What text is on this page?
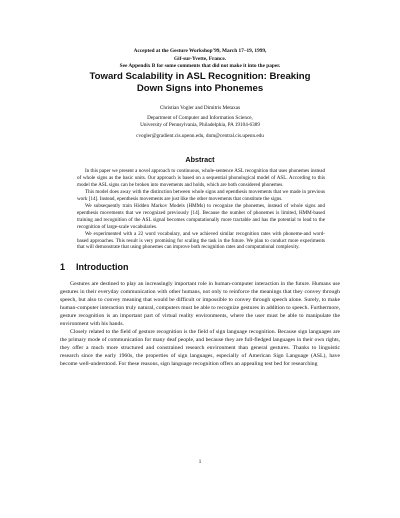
Accepted at the Gesture Workshop'99, March 17–19, 1999,
Gif-sur-Yvette, France.
See Appendix B for some comments that did not make it into the paper.
Toward Scalability in ASL Recognition: Breaking
Down Signs into Phonemes
Christian Vogler and Dimitris Metaxas
Department of Computer and Information Science,
University of Pennsylvania, Philadelphia, PA 19104-6389
cvogler@gradient.cis.upenn.edu, dnm@central.cis.upenn.edu
Abstract

In this paper we present a novel approach to continuous, whole-sentence ASL recognition that uses phonemes instead of whole signs as the basic units. Our approach is based on a sequential phonological model of ASL. According to this model the ASL signs can be broken into movements and holds, which are both considered phonemes.

This model does away with the distinction between whole signs and epenthesis movements that we made in previous work [14]. Instead, epenthesis movements are just like the other movements that constitute the signs.

We subsequently train Hidden Markov Models (HMMs) to recognize the phonemes, instead of whole signs and epenthesis movements that we recognized previously [14]. Because the number of phonemes is limited, HMM-based training and recognition of the ASL signal becomes computationally more tractable and has the potential to lead to the recognition of large-scale vocabularies.

We experimented with a 22 word vocabulary, and we achieved similar recognition rates with phoneme-and word-based approaches. This result is very promising for scaling the task in the future. We plan to conduct more experiments that will demonstrate that using phonemes can improve both recognition rates and computational complexity.

1 Introduction

Gestures are destined to play an increasingly important role in human-computer interaction in the future. Humans use gestures in their everyday communication with other humans, not only to reinforce the meanings that they convey through speech, but also to convey meaning that would be difficult or impossible to convey through speech alone. Surely, to make human-computer interaction truly natural, computers must be able to recognize gestures in addition to speech. Furthermore, gesture recognition is an important part of virtual reality environments, where the user must be able to manipulate the environment with his hands.

Closely related to the field of gesture recognition is the field of sign language recognition. Because sign languages are the primary mode of communication for many deaf people, and because they are full-fledged languages in their own rights, they offer a much more structured and constrained research environment than general gestures. Thanks to linguistic research since the early 1960s, the properties of sign languages, especially of American Sign Language (ASL), have become well-understood. For these reasons, sign language recognition offers an appealing test bed for researching

1
